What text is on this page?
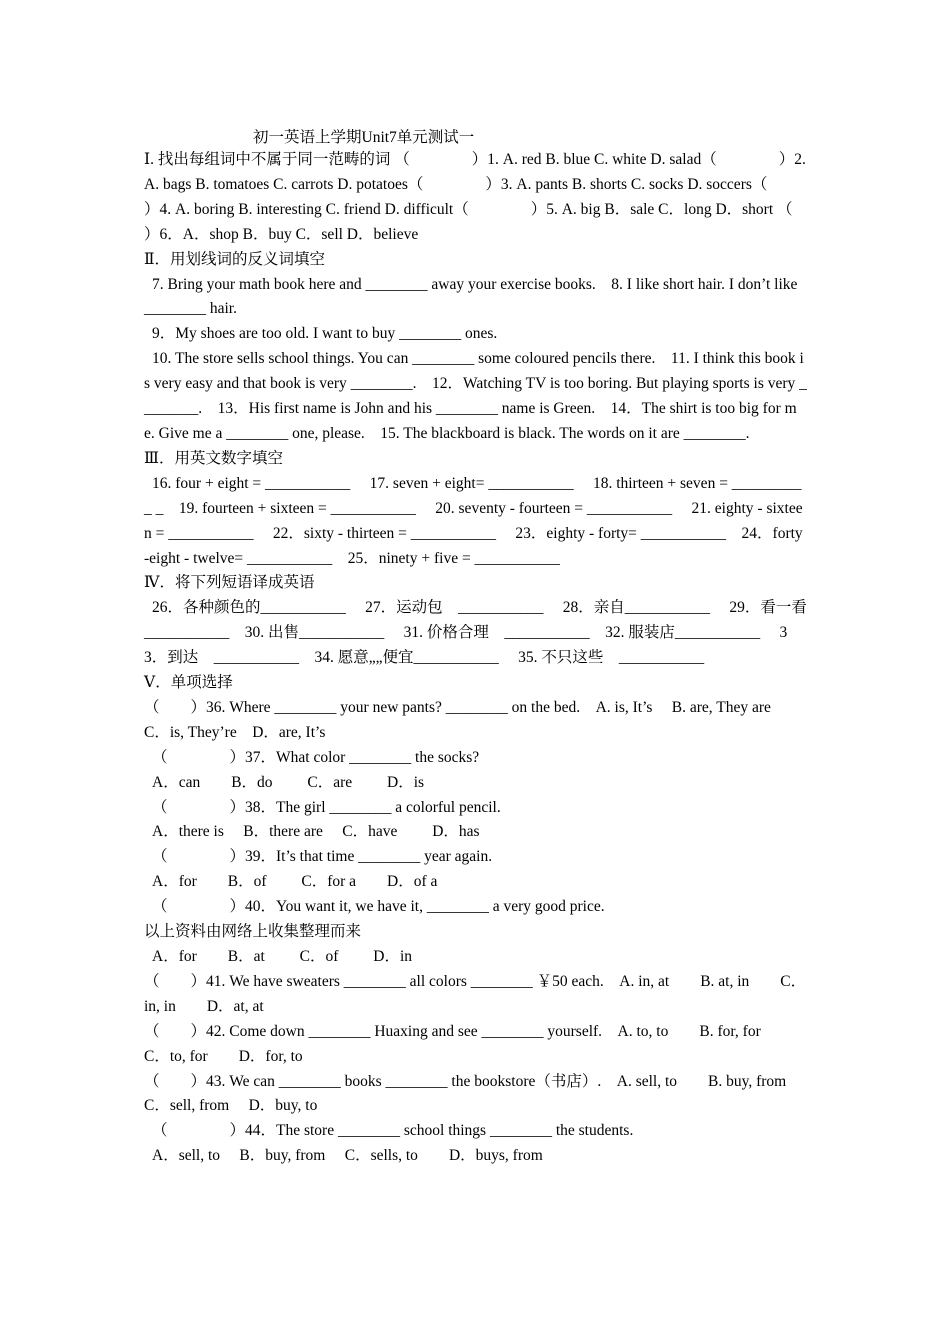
初一英语上学期Unit7单元测试一

Ⅰ. 找出每组词中不属于同一范畴的词 （　　　　）1. A. red B. blue C. white D. salad（　　　　）2. A. bags B. tomatoes C. carrots D. potatoes（　　　　）3. A. pants B. shorts C. socks D. soccers（　　　　）4. A. boring B. interesting C. friend D. difficult（　　　　）5. A. big B．sale C．long D．short （　　　　）6．A．shop B．buy C．sell D．believe

Ⅱ．用划线词的反义词填空

7. Bring your math book here and ________ away your exercise books.　8. I like short hair. I don’t like ________ hair.

9．My shoes are too old. I want to buy ________ ones.

10. The store sells school things. You can ________ some coloured pencils there.　11. I think this book is very easy and that book is very ________.　12．Watching TV is too boring. But playing sports is very ________.　13．His first name is John and his ________ name is Green.　14．The shirt is too big for me. Give me a ________ one, please.　15. The blackboard is black. The words on it are ________.

Ⅲ．用英文数字填空

16. four + eight = ___________　 17. seven + eight= ___________　 18. thirteen + seven = __________ _　19. fourteen + sixteen = ___________　 20. seventy - fourteen = ___________　 21. eighty - sixteen = ___________　 22．sixty - thirteen = ___________　 23．eighty - forty= ___________　24．forty-eight - twelve= ___________　25．ninety + five = ___________

Ⅳ．将下列短语译成英语

26．各种颜色的___________　 27．运动包　___________　 28．亲自___________　 29．看一看　___________　30. 出售___________　 31. 价格合理　___________　32. 服装店___________　 33．到达　___________　34. 愿意„„便宜___________　 35. 不只这些　___________

Ⅴ．单项选择

（　　）36. Where ________ your new pants? ________ on the bed.　A. is, It’s　 B. are, They are　C．is, They’re　D．are, It’s

（　　　　）37．What color ________ the socks?

A．can　　B．do　　 C．are　　 D．is

（　　　　）38．The girl ________ a colorful pencil.

A．there is　 B．there are　 C．have　　 D．has

（　　　　）39．It’s that time ________ year again.

A．for　　B．of　　 C．for a　　D．of a

（　　　　）40．You want it, we have it, ________ a very good price.

以上资料由网络上收集整理而来

A．for　　B．at　　 C．of　　 D．in

（　　）41. We have sweaters ________ all colors ________ ￥50 each.　A. in, at　　B. at, in　　C．in, in　　D．at, at

（　　）42. Come down ________ Huaxing and see ________ yourself.　A. to, to　　B. for, for　　C．to, for　　D．for, to

（　　）43. We can ________ books ________ the bookstore（书店）.　A. sell, to　　B. buy, from　 C．sell, from　 D．buy, to

（　　　　）44．The store ________ school things ________ the students.

A．sell, to　 B．buy, from　 C．sells, to　　D．buys, from
